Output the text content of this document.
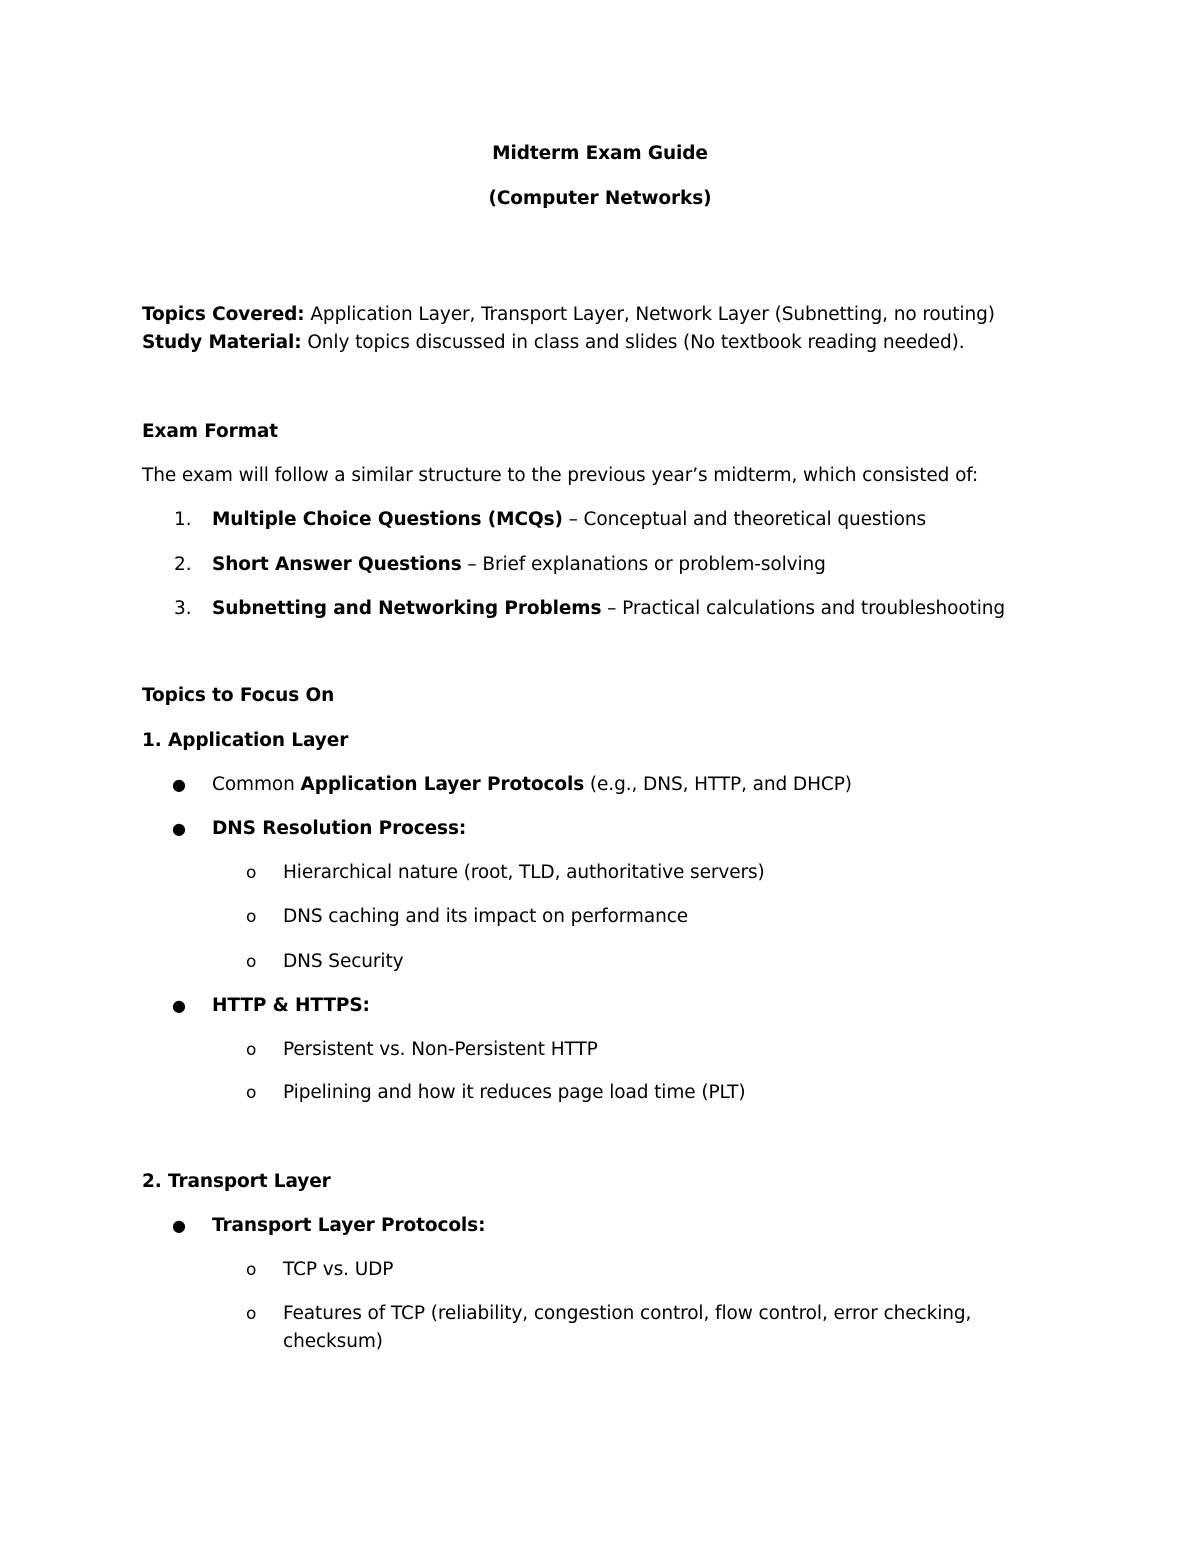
Midterm Exam Guide
(Computer Networks)
Topics Covered: Application Layer, Transport Layer, Network Layer (Subnetting, no routing)
Study Material: Only topics discussed in class and slides (No textbook reading needed).
Exam Format
The exam will follow a similar structure to the previous year’s midterm, which consisted of:
1. Multiple Choice Questions (MCQs) – Conceptual and theoretical questions
2. Short Answer Questions – Brief explanations or problem-solving
3. Subnetting and Networking Problems – Practical calculations and troubleshooting
Topics to Focus On
1. Application Layer
● Common Application Layer Protocols (e.g., DNS, HTTP, and DHCP)
● DNS Resolution Process:
o Hierarchical nature (root, TLD, authoritative servers)
o DNS caching and its impact on performance
o DNS Security
● HTTP & HTTPS:
o Persistent vs. Non-Persistent HTTP
o Pipelining and how it reduces page load time (PLT)
2. Transport Layer
● Transport Layer Protocols:
o TCP vs. UDP
o Features of TCP (reliability, congestion control, flow control, error checking,
checksum)
